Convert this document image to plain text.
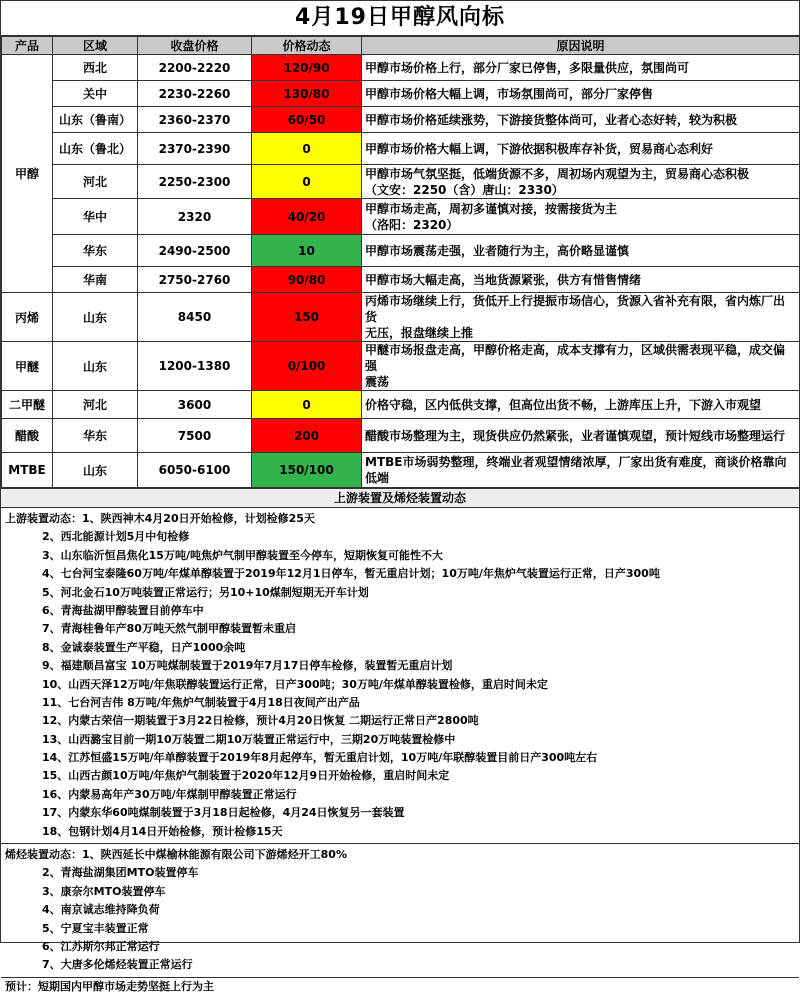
4月19日甲醇风向标
产品	区域	收盘价格	价格动态	原因说明
甲醇	西北	2200-2220	120/90	甲醇市场价格上行，部分厂家已停售，多限量供应，氛围尚可

	关中	2230-2260	130/80	甲醇市场价格大幅上调，市场氛围尚可，部分厂家停售

	山东（鲁南）	2360-2370	60/50	甲醇市场价格延续涨势，下游接货整体尚可，业者心态好转，较为积极

	山东（鲁北）	2370-2390	0	甲醇市场价格大幅上调，下游依据积极库存补货，贸易商心态利好

	河北	2250-2300	0	甲醇市场气氛坚挺，低端货源不多，周初场内观望为主，贸易商心态积极
（文安：2250（含）唐山：2330）

	华中	2320	40/20	甲醇市场走高，周初多谨慎对接，按需接货为主
（洛阳：2320）

	华东	2490-2500	10	甲醇市场震荡走强，业者随行为主，高价略显谨慎

	华南	2750-2760	90/80	甲醇市场大幅走高，当地货源紧张，供方有惜售情绪

丙烯	山东	8450	150	丙烯市场继续上行，货低开上行提振市场信心，货源入省补充有限，省内炼厂出货
无压，报盘继续上推

甲醚	山东	1200-1380	0/100	甲醚市场报盘走高，甲醇价格走高，成本支撑有力，区域供需表现平稳，成交偏强
震荡

二甲醚	河北	3600	0	价格守稳，区内低供支撑，但高位出货不畅，上游库压上升，下游入市观望

醋酸	华东	7500	200	醋酸市场整理为主，现货供应仍然紧张，业者谨慎观望，预计短线市场整理运行

MTBE	山东	6050-6100	150/100	MTBE市场弱势整理，终端业者观望情绪浓厚，厂家出货有难度，商谈价格靠向低端
上游装置及烯烃装置动态
上游装置动态：1、陕西神木4月20日开始检修，计划检修25天
2、西北能源计划5月中旬检修
3、山东临沂恒昌焦化15万吨/吨焦炉气制甲醇装置至今停车，短期恢复可能性不大
4、七台河宝泰隆60万吨/年煤单醇装置于2019年12月1日停车，暂无重启计划；10万吨/年焦炉气装置运行正常，日产300吨
5、河北金石10万吨装置正常运行；另10+10煤制短期无开车计划
6、青海盐湖甲醇装置目前停车中
7、青海桂鲁年产80万吨天然气制甲醇装置暂未重启
8、金诚泰装置生产平稳，日产1000余吨
9、福建顺昌富宝 10万吨煤制装置于2019年7月17日停车检修，装置暂无重启计划
10、山西天泽12万吨/年焦联醇装置运行正常，日产300吨；30万吨/年煤单醇装置检修，重启时间未定
11、七台河吉伟 8万吨/年焦炉气制装置于4月18日夜间产出产品
12、内蒙古荣信一期装置于3月22日检修，预计4月20日恢复 二期运行正常日产2800吨
13、山西潞宝目前一期10万装置二期10万装置正常运行中，三期20万吨装置检修中
14、江苏恒盛15万吨/年单醇装置于2019年8月起停车，暂无重启计划，10万吨/年联醇装置目前日产300吨左右
15、山西古颜10万吨/年焦炉气制装置于2020年12月9日开始检修，重启时间未定
16、内蒙易高年产30万吨/年煤制甲醇装置正常运行
17、内蒙东华60吨煤制装置于3月18日起检修，4月24日恢复另一套装置
18、包钢计划4月14日开始检修，预计检修15天
烯烃装置动态：1、陕西延长中煤榆林能源有限公司下游烯烃开工80%
2、青海盐湖集团MTO装置停车
3、康奈尔MTO装置停车
4、南京诚志维持降负荷
5、宁夏宝丰装置正常
6、江苏斯尔邦正常运行
7、大唐多伦烯烃装置正常运行
预计：短期国内甲醇市场走势坚挺上行为主
